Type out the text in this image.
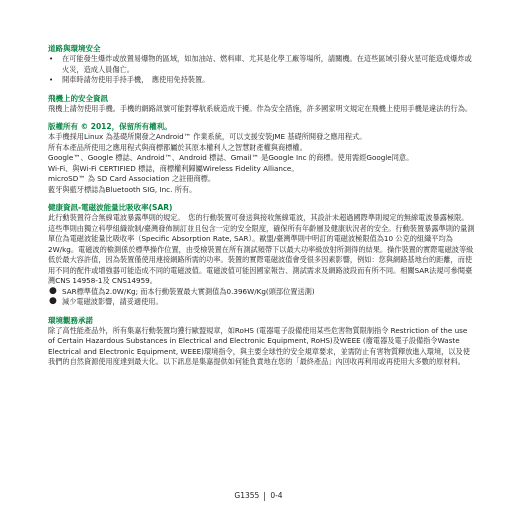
道路與環境安全

• 在可能發生爆炸或放置易爆物的區域，如加油站、燃料庫、尤其是化學工廠等場所，請關機。在這些區域引發火星可能造成爆炸或火災，造成人員傷亡。
• 開車時請勿使用手持手機，　應使用免持裝置。

飛機上的安全資訊

飛機上請勿使用手機。手機的網路訊號可能對導航系統造成干擾。作為安全措施，許多國家明文規定在飛機上使用手機是違法的行為。

版權所有 © 2012，保留所有權利。

本手機採用Linux 為基礎所開發之Android™ 作業系統，可以支援安裝JME 基礎所開發之應用程式。

所有本產品所使用之應用程式與商標都屬於其原本權利人之智慧財產權與商標權。

Google™、Google 標誌、Android™、Android 標誌、Gmail™ 是Google Inc 的商標。使用需經Google同意。

Wi-Fi、與Wi-Fi CERTIFIED 標誌，商標權利歸屬Wireless Fidelity Alliance。

microSD™ 為 SD Card Association 之註冊商標。

藍牙與藍牙標誌為Bluetooth SIG, Inc. 所有。

健康資訊-電磁波能量比吸收率(SAR)

此行動裝置符合無線電波暴露準則的規定。　您的行動裝置可發送與接收無線電波，其設計未超過國際準則規定的無線電波暴露極限。　這些準則由獨立科學組織欲制/臺灣發佈制訂並且包含一定的安全限度，確保所有年齡層及健康狀況者的安全。行動裝置暴露準則的量測單位為電磁波能量比吸收率（Specific Absorption Rate, SAR）。歐盟/臺灣準則中明訂的電磁波極限值為10 公克的組織平均為2W/kg。電磁波的檢測係於標準操作位置，由受檢裝置在所有測試頻帶下以最大功率級放射所測得的結果。操作裝置的實際電磁波等級低於最大容許值，因為裝置僅使用連接網路所需的功率。裝置的實際電磁波值會受很多因素影響，例如：您與網路基地台的距離，而使用不同的配件或增強器可能造成不同的電磁波值。電磁波值可能因國家報告、測試需求及網路波段而有所不同。相關SAR法規可參閱臺灣CNS 14958-1及 CNS14959。

● SAR標準值為2.0W/Kg; 而本行動裝置最大實測值為0.396W/Kg(頭部位置送測)
● 減少電磁波影響，請妥適使用。

環境觀務承諾

除了高性能產品外，所有集嘉行動裝置均獲行歐盟規章，如RoHS (電器電子設備使用某些危害物質限制指令 Restriction of the use of Certain Hazardous Substances in Electrical and Electronic Equipment, RoHS)及WEEE (廢電器及電子設備指令Waste Electrical and Electronic Equipment, WEEE)環境指令，與主要全球性的安全規章要求，並需防止有害物質釋放進入環境，以及使我們的自然資源使用度達到最大化。以下訊息是集嘉提供如何能負責地在您的「最終產品」內回收再利用或再使用大多數的原材料。

G1355 0-4
